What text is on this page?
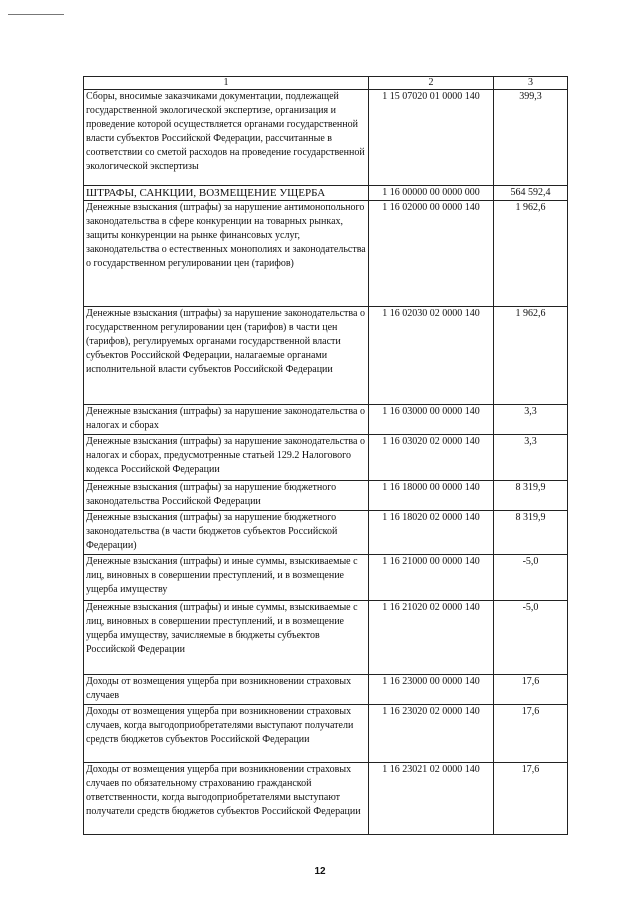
1	2	3
Сборы, вносимые заказчиками документации, подлежащей государственной экологической экспертизе, организация и проведение которой осуществляется органами государственной власти субъектов Российской Федерации, рассчитанные в соответствии со сметой расходов на проведение государственной экологической экспертизы	1 15 07020 01 0000 140	399,3
ШТРАФЫ, САНКЦИИ, ВОЗМЕЩЕНИЕ УЩЕРБА	1 16 00000 00 0000 000	564 592,4
Денежные взыскания (штрафы) за нарушение антимонопольного законодательства в сфере конкуренции на товарных рынках, защиты конкуренции на рынке финансовых услуг, законодательства о естественных монополиях и законодательства о государственном регулировании цен (тарифов)	1 16 02000 00 0000 140	1 962,6
Денежные взыскания (штрафы) за нарушение законодательства о государственном регулировании цен (тарифов) в части цен (тарифов), регулируемых органами государственной власти субъектов Российской Федерации, налагаемые органами исполнительной власти субъектов Российской Федерации	1 16 02030 02 0000 140	1 962,6
Денежные взыскания (штрафы) за нарушение законодательства о налогах и сборах	1 16 03000 00 0000 140	3,3
Денежные взыскания (штрафы) за нарушение законодательства о налогах и сборах, предусмотренные статьей 129.2 Налогового кодекса Российской Федерации	1 16 03020 02 0000 140	3,3
Денежные взыскания (штрафы) за нарушение бюджетного законодательства Российской Федерации	1 16 18000 00 0000 140	8 319,9
Денежные взыскания (штрафы) за нарушение бюджетного законодательства (в части бюджетов субъектов Российской Федерации)	1 16 18020 02 0000 140	8 319,9
Денежные взыскания (штрафы) и иные суммы, взыскиваемые с лиц, виновных в совершении преступлений, и в возмещение ущерба имуществу	1 16 21000 00 0000 140	-5,0
Денежные взыскания (штрафы) и иные суммы, взыскиваемые с лиц, виновных в совершении преступлений, и в возмещение ущерба имуществу, зачисляемые в бюджеты субъектов Российской Федерации	1 16 21020 02 0000 140	-5,0
Доходы от возмещения ущерба при возникновении страховых случаев	1 16 23000 00 0000 140	17,6
Доходы от возмещения ущерба при возникновении страховых случаев, когда выгодоприобретателями выступают получатели средств бюджетов субъектов Российской Федерации	1 16 23020 02 0000 140	17,6
Доходы от возмещения ущерба при возникновении страховых случаев по обязательному страхованию гражданской ответственности, когда выгодоприобретателями выступают получатели средств бюджетов субъектов Российской Федерации	1 16 23021 02 0000 140	17,6
12
